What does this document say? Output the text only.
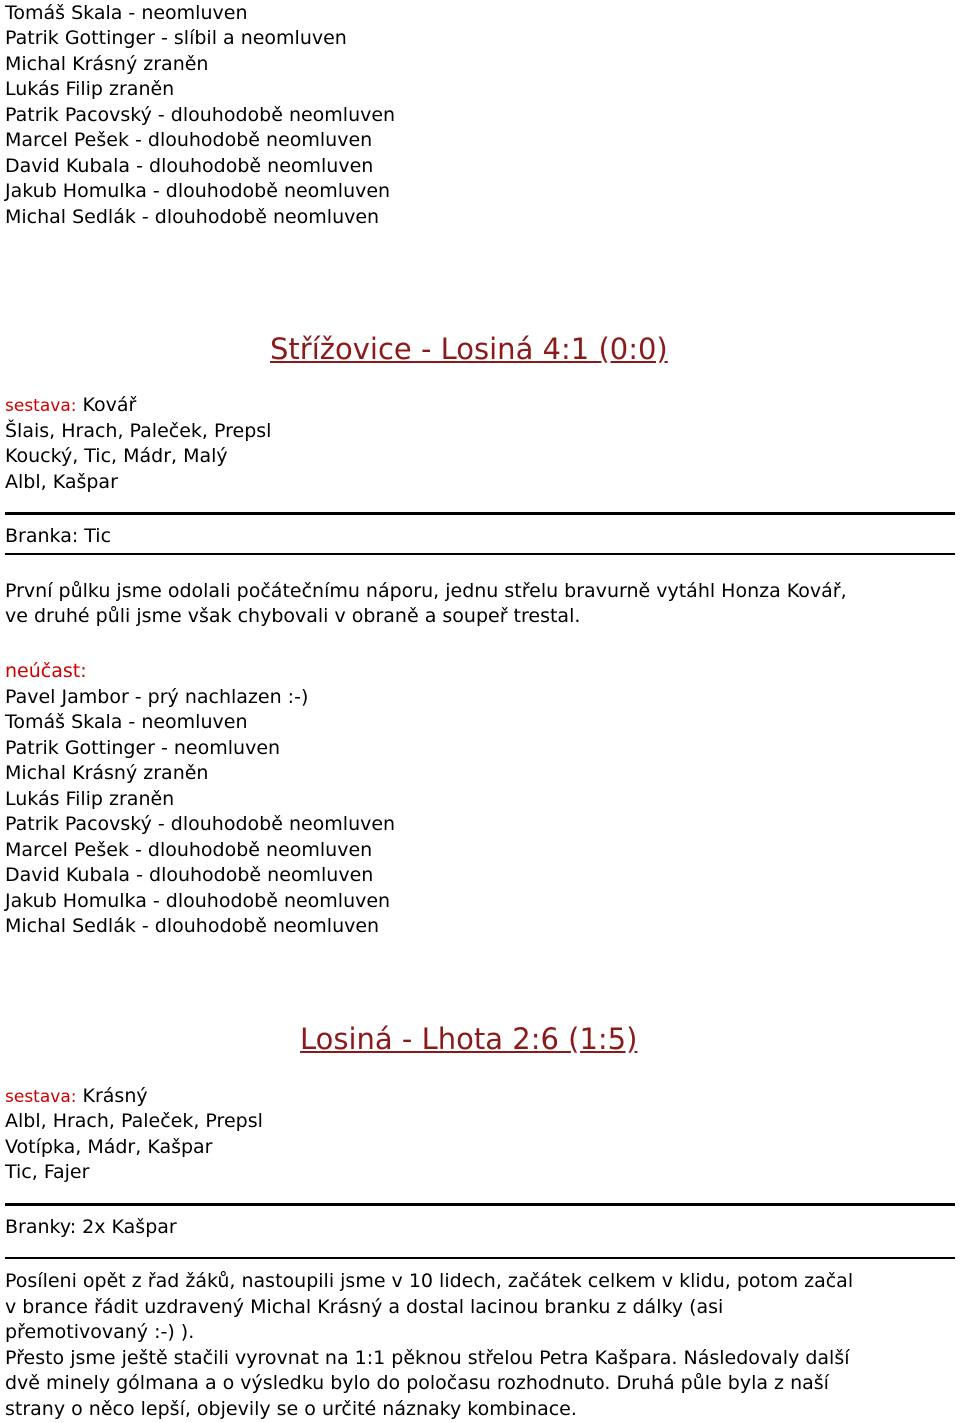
Tomáš Skala - neomluven
Patrik Gottinger - slíbil a neomluven
Michal Krásný zraněn
Lukás Filip zraněn
Patrik Pacovský - dlouhodobě neomluven
Marcel Pešek - dlouhodobě neomluven
David Kubala - dlouhodobě neomluven
Jakub Homulka - dlouhodobě neomluven
Michal Sedlák - dlouhodobě neomluven
Střížovice - Losiná 4:1 (0:0)
sestava: Kovář
Šlais, Hrach, Paleček, Prepsl
Koucký, Tic, Mádr, Malý
Albl, Kašpar
Branka: Tic
První půlku jsme odolali počátečnímu náporu, jednu střelu bravurně vytáhl Honza Kovář,
ve druhé půli jsme však chybovali v obraně a soupeř trestal.
neúčast:
Pavel Jambor - prý nachlazen :-)
Tomáš Skala - neomluven
Patrik Gottinger - neomluven
Michal Krásný zraněn
Lukás Filip zraněn
Patrik Pacovský - dlouhodobě neomluven
Marcel Pešek - dlouhodobě neomluven
David Kubala - dlouhodobě neomluven
Jakub Homulka - dlouhodobě neomluven
Michal Sedlák - dlouhodobě neomluven
Losiná - Lhota 2:6 (1:5)
sestava: Krásný
Albl, Hrach, Paleček, Prepsl
Votípka, Mádr, Kašpar
Tic, Fajer
Branky: 2x Kašpar
Posíleni opět z řad žáků, nastoupili jsme v 10 lidech, začátek celkem v klidu, potom začal
v brance řádit uzdravený Michal Krásný a dostal lacinou branku z dálky (asi
přemotivovaný :-) ).
Přesto jsme ještě stačili vyrovnat na 1:1 pěknou střelou Petra Kašpara. Následovaly další
dvě minely gólmana a o výsledku bylo do poločasu rozhodnuto. Druhá půle byla z naší
strany o něco lepší, objevily se o určité náznaky kombinace.
